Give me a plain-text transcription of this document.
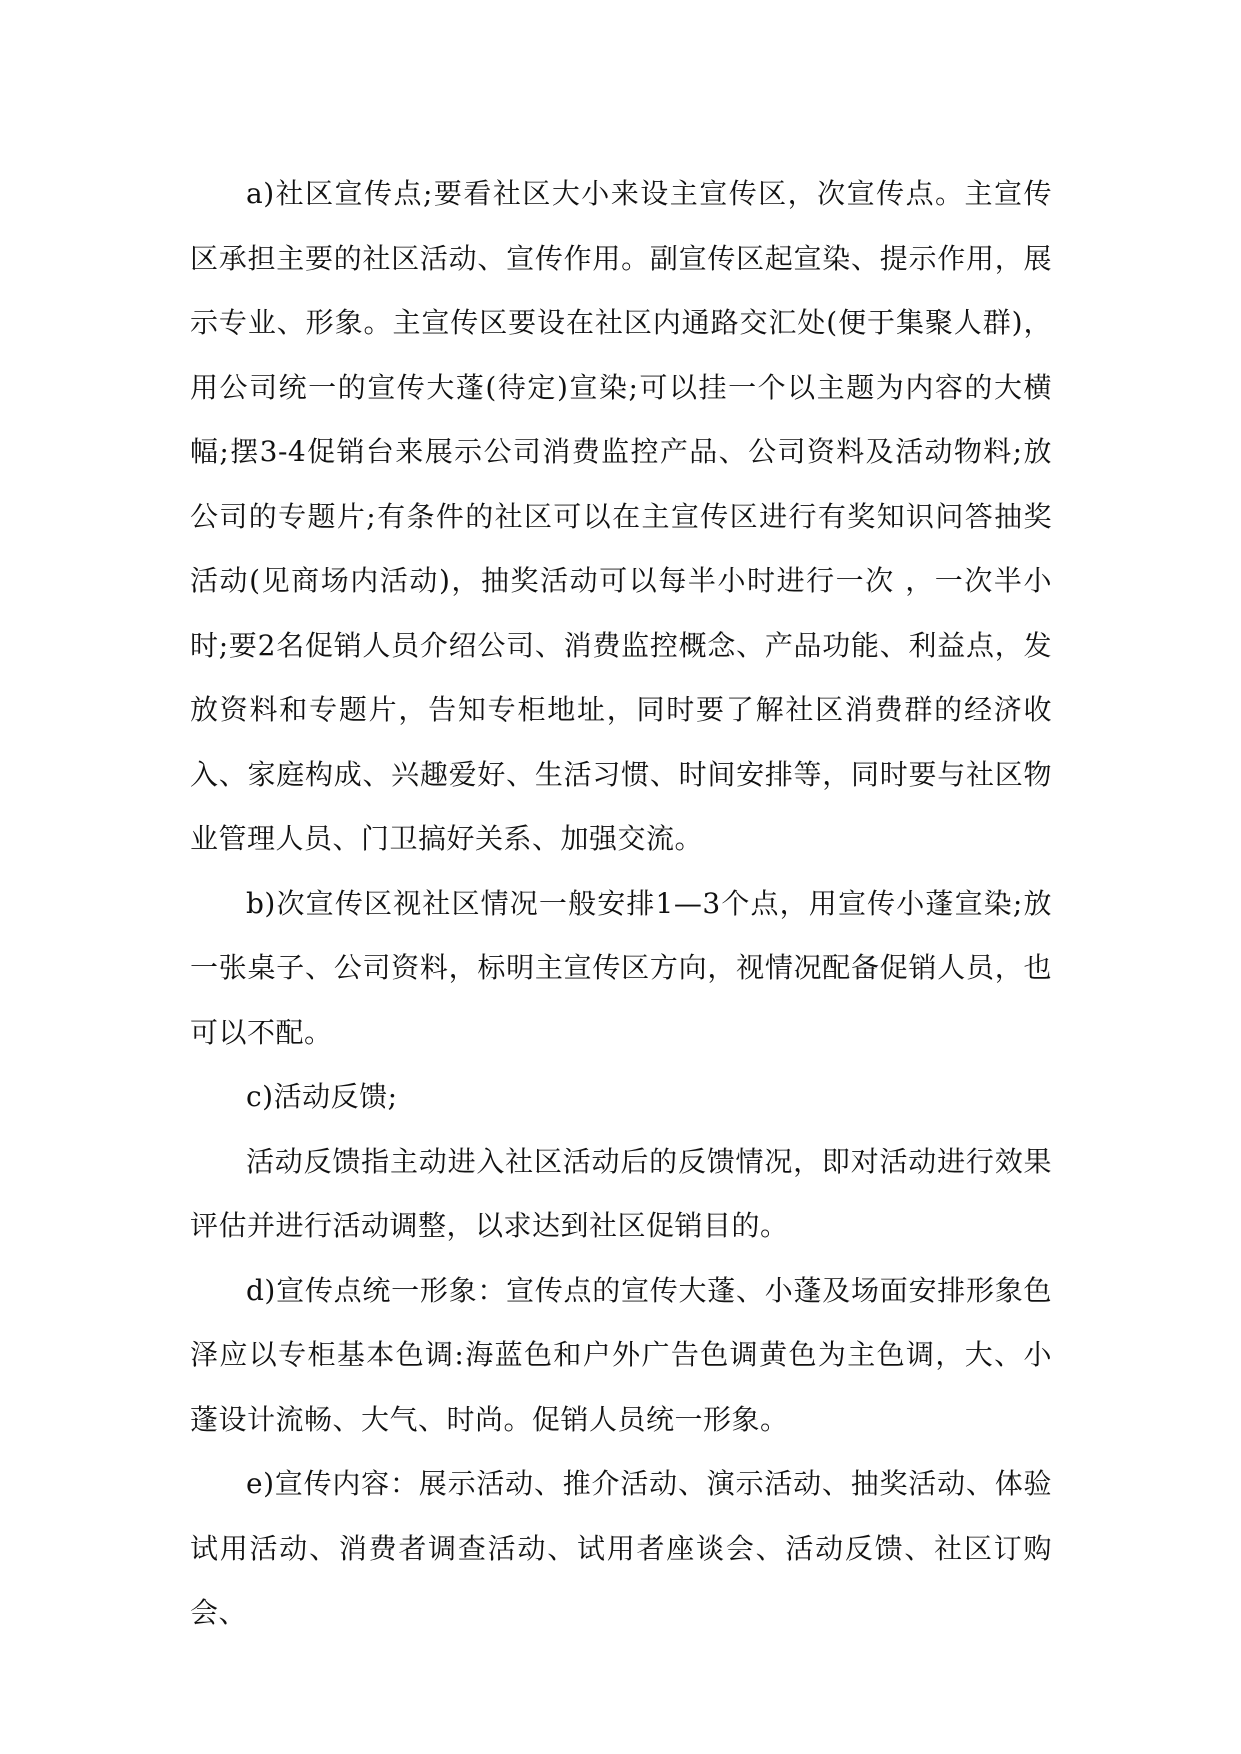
a)社区宣传点;要看社区大小来设主宣传区，次宣传点。主宣传区承担主要的社区活动、宣传作用。副宣传区起宣染、提示作用，展示专业、形象。主宣传区要设在社区内通路交汇处(便于集聚人群)，用公司统一的宣传大蓬(待定)宣染;可以挂一个以主题为内容的大横幅;摆3-4促销台来展示公司消费监控产品、公司资料及活动物料;放公司的专题片;有条件的社区可以在主宣传区进行有奖知识问答抽奖活动(见商场内活动)，抽奖活动可以每半小时进行一次 ，一次半小时;要2名促销人员介绍公司、消费监控概念、产品功能、利益点，发放资料和专题片，告知专柜地址，同时要了解社区消费群的经济收入、家庭构成、兴趣爱好、生活习惯、时间安排等，同时要与社区物业管理人员、门卫搞好关系、加强交流。

b)次宣传区视社区情况一般安排1—3个点，用宣传小蓬宣染;放一张桌子、公司资料，标明主宣传区方向，视情况配备促销人员，也可以不配。

c)活动反馈;

活动反馈指主动进入社区活动后的反馈情况，即对活动进行效果评估并进行活动调整，以求达到社区促销目的。

d)宣传点统一形象：宣传点的宣传大蓬、小蓬及场面安排形象色泽应以专柜基本色调:海蓝色和户外广告色调黄色为主色调，大、小蓬设计流畅、大气、时尚。促销人员统一形象。

e)宣传内容：展示活动、推介活动、演示活动、抽奖活动、体验试用活动、消费者调查活动、试用者座谈会、活动反馈、社区订购会、
